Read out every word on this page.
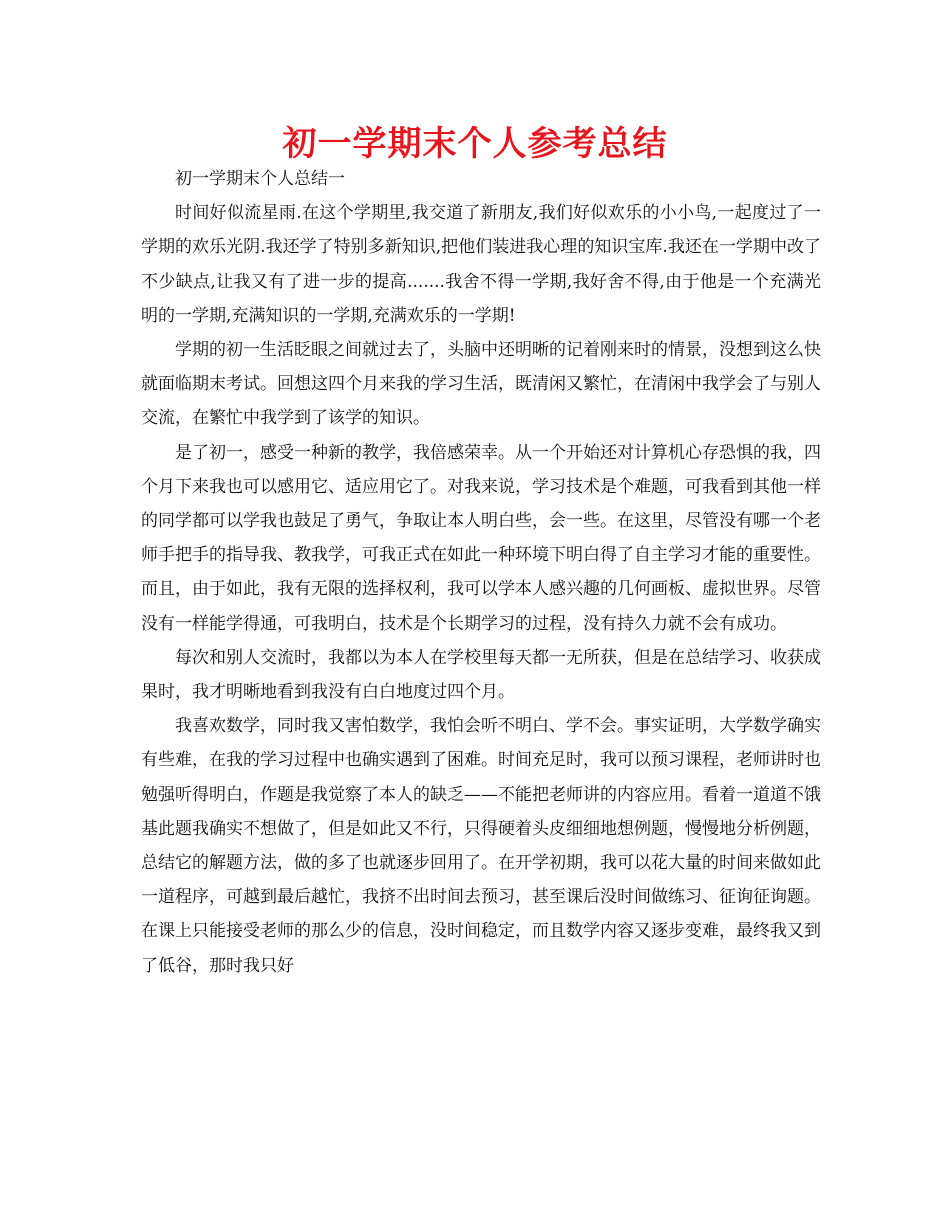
初一学期末个人参考总结

初一学期末个人总结一

时间好似流星雨.在这个学期里,我交道了新朋友,我们好似欢乐的小小鸟,一起度过了一学期的欢乐光阴.我还学了特别多新知识,把他们装进我心理的知识宝库.我还在一学期中改了不少缺点,让我又有了进一步的提高.......我舍不得一学期,我好舍不得,由于他是一个充满光明的一学期,充满知识的一学期,充满欢乐的一学期!

学期的初一生活眨眼之间就过去了，头脑中还明晰的记着刚来时的情景，没想到这么快就面临期末考试。回想这四个月来我的学习生活，既清闲又繁忙，在清闲中我学会了与别人交流，在繁忙中我学到了该学的知识。

是了初一，感受一种新的教学，我倍感荣幸。从一个开始还对计算机心存恐惧的我，四个月下来我也可以感用它、适应用它了。对我来说，学习技术是个难题，可我看到其他一样的同学都可以学我也鼓足了勇气，争取让本人明白些，会一些。在这里，尽管没有哪一个老师手把手的指导我、教我学，可我正式在如此一种环境下明白得了自主学习才能的重要性。而且，由于如此，我有无限的选择权利，我可以学本人感兴趣的几何画板、虚拟世界。尽管没有一样能学得通，可我明白，技术是个长期学习的过程，没有持久力就不会有成功。

每次和别人交流时，我都以为本人在学校里每天都一无所获，但是在总结学习、收获成果时，我才明晰地看到我没有白白地度过四个月。

我喜欢数学，同时我又害怕数学，我怕会听不明白、学不会。事实证明，大学数学确实有些难，在我的学习过程中也确实遇到了困难。时间充足时，我可以预习课程，老师讲时也勉强听得明白，作题是我觉察了本人的缺乏——不能把老师讲的内容应用。看着一道道不饿基此题我确实不想做了，但是如此又不行，只得硬着头皮细细地想例题，慢慢地分析例题，总结它的解题方法，做的多了也就逐步回用了。在开学初期，我可以花大量的时间来做如此一道程序，可越到最后越忙，我挤不出时间去预习，甚至课后没时间做练习、征询征询题。在课上只能接受老师的那么少的信息，没时间稳定，而且数学内容又逐步变难，最终我又到了低谷，那时我只好
